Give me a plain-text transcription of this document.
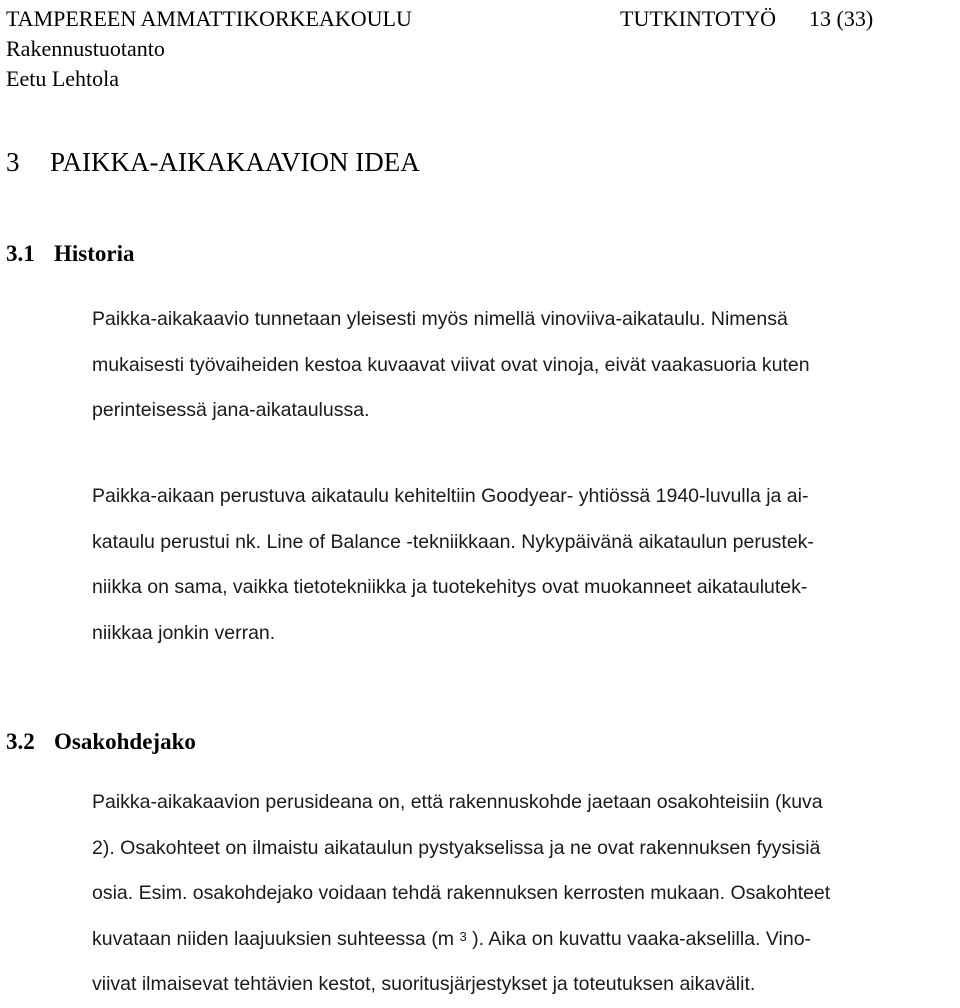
TAMPEREEN AMMATTIKORKEAKOULU
Rakennustuotanto
Eetu Lehtola
TUTKINTOTYÖ 13 (33)
3 PAIKKA-AIKAKAAVION IDEA
3.1 Historia
Paikka-aikakaavio tunnetaan yleisesti myös nimellä vinoviiva-aikataulu. Nimensä
mukaisesti työvaiheiden kestoa kuvaavat viivat ovat vinoja, eivät vaakasuoria kuten
perinteisessä jana-aikataulussa.
Paikka-aikaan perustuva aikataulu kehiteltiin Goodyear- yhtiössä 1940-luvulla ja ai-
kataulu perustui nk. Line of Balance -tekniikkaan. Nykypäivänä aikataulun perustek-
niikka on sama, vaikka tietotekniikka ja tuotekehitys ovat muokanneet aikataulutek-
niikkaa jonkin verran.
3.2 Osakohdejako
Paikka-aikakaavion perusideana on, että rakennuskohde jaetaan osakohteisiin (kuva
2). Osakohteet on ilmaistu aikataulun pystyakselissa ja ne ovat rakennuksen fyysisiä
osia. Esim. osakohdejako voidaan tehdä rakennuksen kerrosten mukaan. Osakohteet
kuvataan niiden laajuuksien suhteessa (m $^3$ ). Aika on kuvattu vaaka-akselilla. Vino-
viivat ilmaisevat tehtävien kestot, suoritusjärjestykset ja toteutuksen aikavälit.
